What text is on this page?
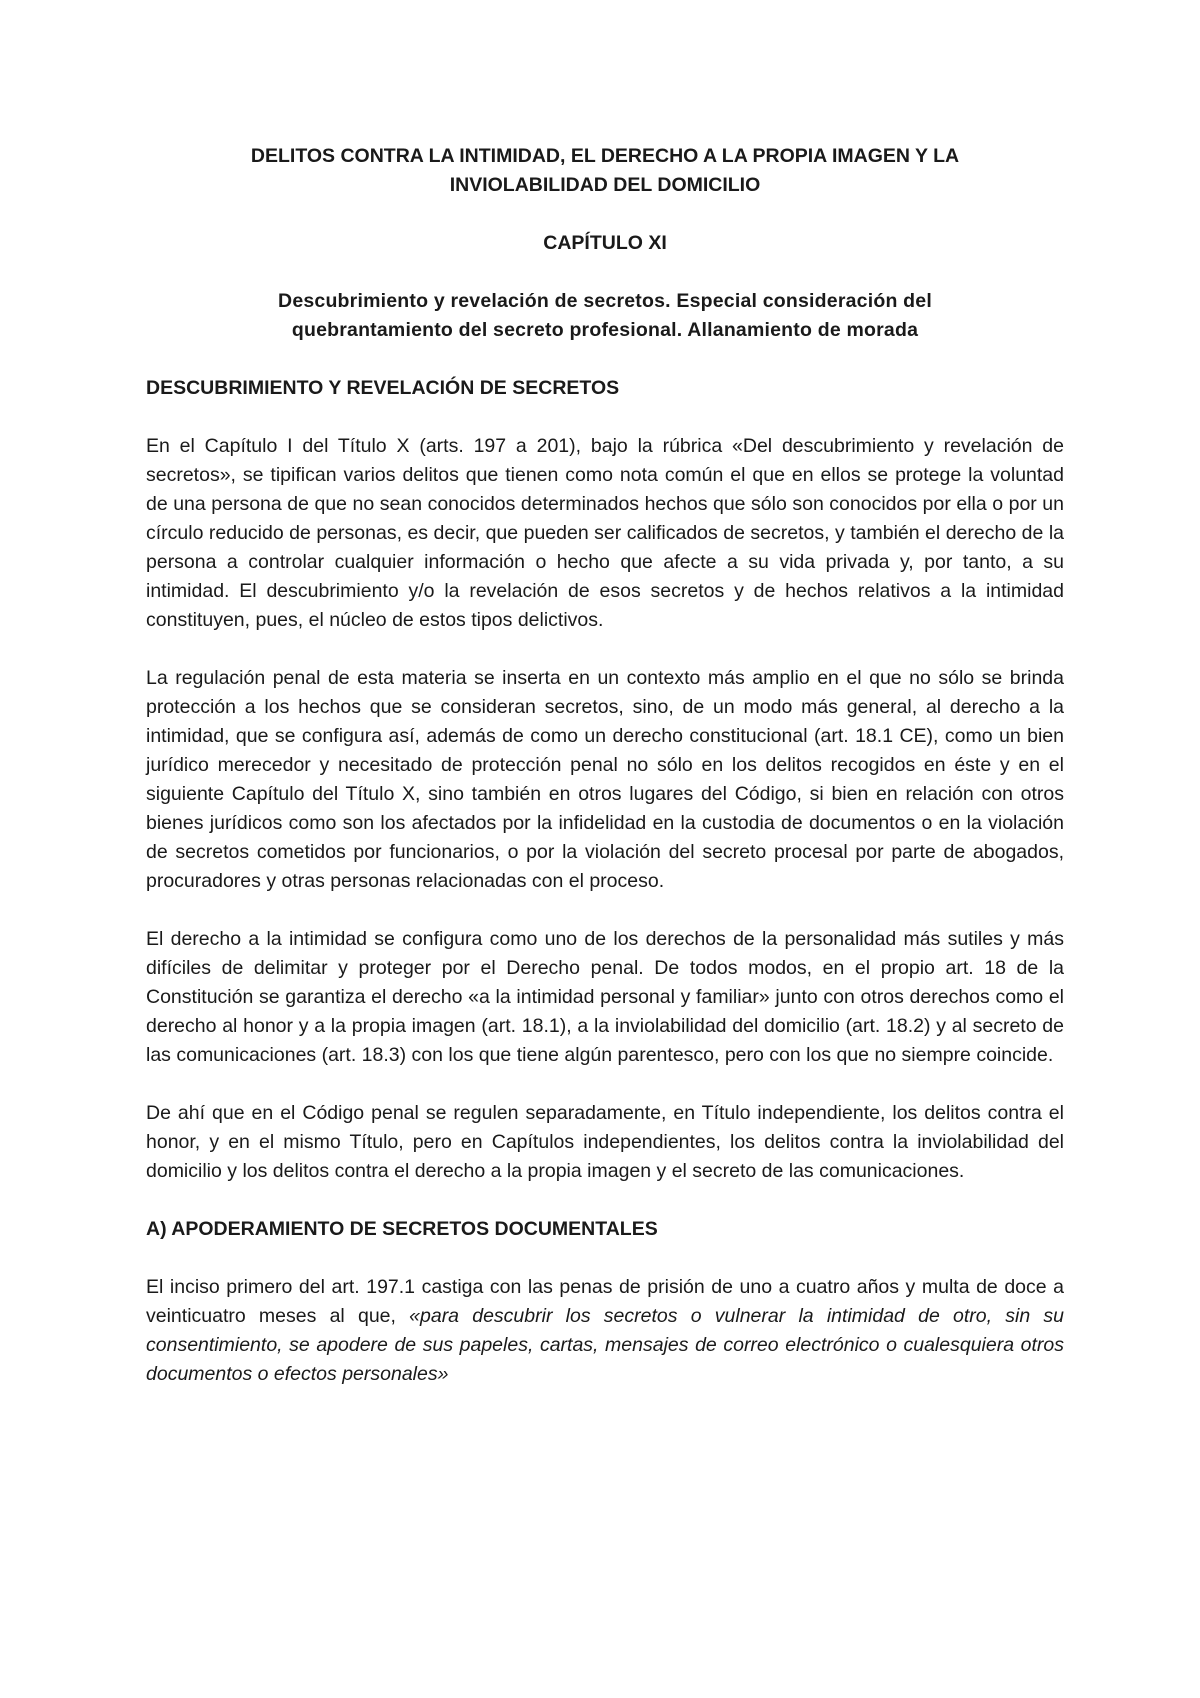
DELITOS CONTRA LA INTIMIDAD, EL DERECHO A LA PROPIA IMAGEN Y LA
INVIOLABILIDAD DEL DOMICILIO
CAPÍTULO XI
Descubrimiento y revelación de secretos. Especial consideración del
quebrantamiento del secreto profesional. Allanamiento de morada
DESCUBRIMIENTO Y REVELACIÓN DE SECRETOS

En el Capítulo I del Título X (arts. 197 a 201), bajo la rúbrica «Del descubrimiento y revelación de secretos», se tipifican varios delitos que tienen como nota común el que en ellos se protege la voluntad de una persona de que no sean conocidos determinados hechos que sólo son conocidos por ella o por un círculo reducido de personas, es decir, que pueden ser calificados de secretos, y también el derecho de la persona a controlar cualquier información o hecho que afecte a su vida privada y, por tanto, a su intimidad. El descubrimiento y/o la revelación de esos secretos y de hechos relativos a la intimidad constituyen, pues, el núcleo de estos tipos delictivos.

La regulación penal de esta materia se inserta en un contexto más amplio en el que no sólo se brinda protección a los hechos que se consideran secretos, sino, de un modo más general, al derecho a la intimidad, que se configura así, además de como un derecho constitucional (art. 18.1 CE), como un bien jurídico merecedor y necesitado de protección penal no sólo en los delitos recogidos en éste y en el siguiente Capítulo del Título X, sino también en otros lugares del Código, si bien en relación con otros bienes jurídicos como son los afectados por la infidelidad en la custodia de documentos o en la violación de secretos cometidos por funcionarios, o por la violación del secreto procesal por parte de abogados, procuradores y otras personas relacionadas con el proceso.

El derecho a la intimidad se configura como uno de los derechos de la personalidad más sutiles y más difíciles de delimitar y proteger por el Derecho penal. De todos modos, en el propio art. 18 de la Constitución se garantiza el derecho «a la intimidad personal y familiar» junto con otros derechos como el derecho al honor y a la propia imagen (art. 18.1), a la inviolabilidad del domicilio (art. 18.2) y al secreto de las comunicaciones (art. 18.3) con los que tiene algún parentesco, pero con los que no siempre coincide.

De ahí que en el Código penal se regulen separadamente, en Título independiente, los delitos contra el honor, y en el mismo Título, pero en Capítulos independientes, los delitos contra la inviolabilidad del domicilio y los delitos contra el derecho a la propia imagen y el secreto de las comunicaciones.

A) APODERAMIENTO DE SECRETOS DOCUMENTALES

El inciso primero del art. 197.1 castiga con las penas de prisión de uno a cuatro años y multa de doce a veinticuatro meses al que, «para descubrir los secretos o vulnerar la intimidad de otro, sin su consentimiento, se apodere de sus papeles, cartas, mensajes de correo electrónico o cualesquiera otros documentos o efectos personales»
